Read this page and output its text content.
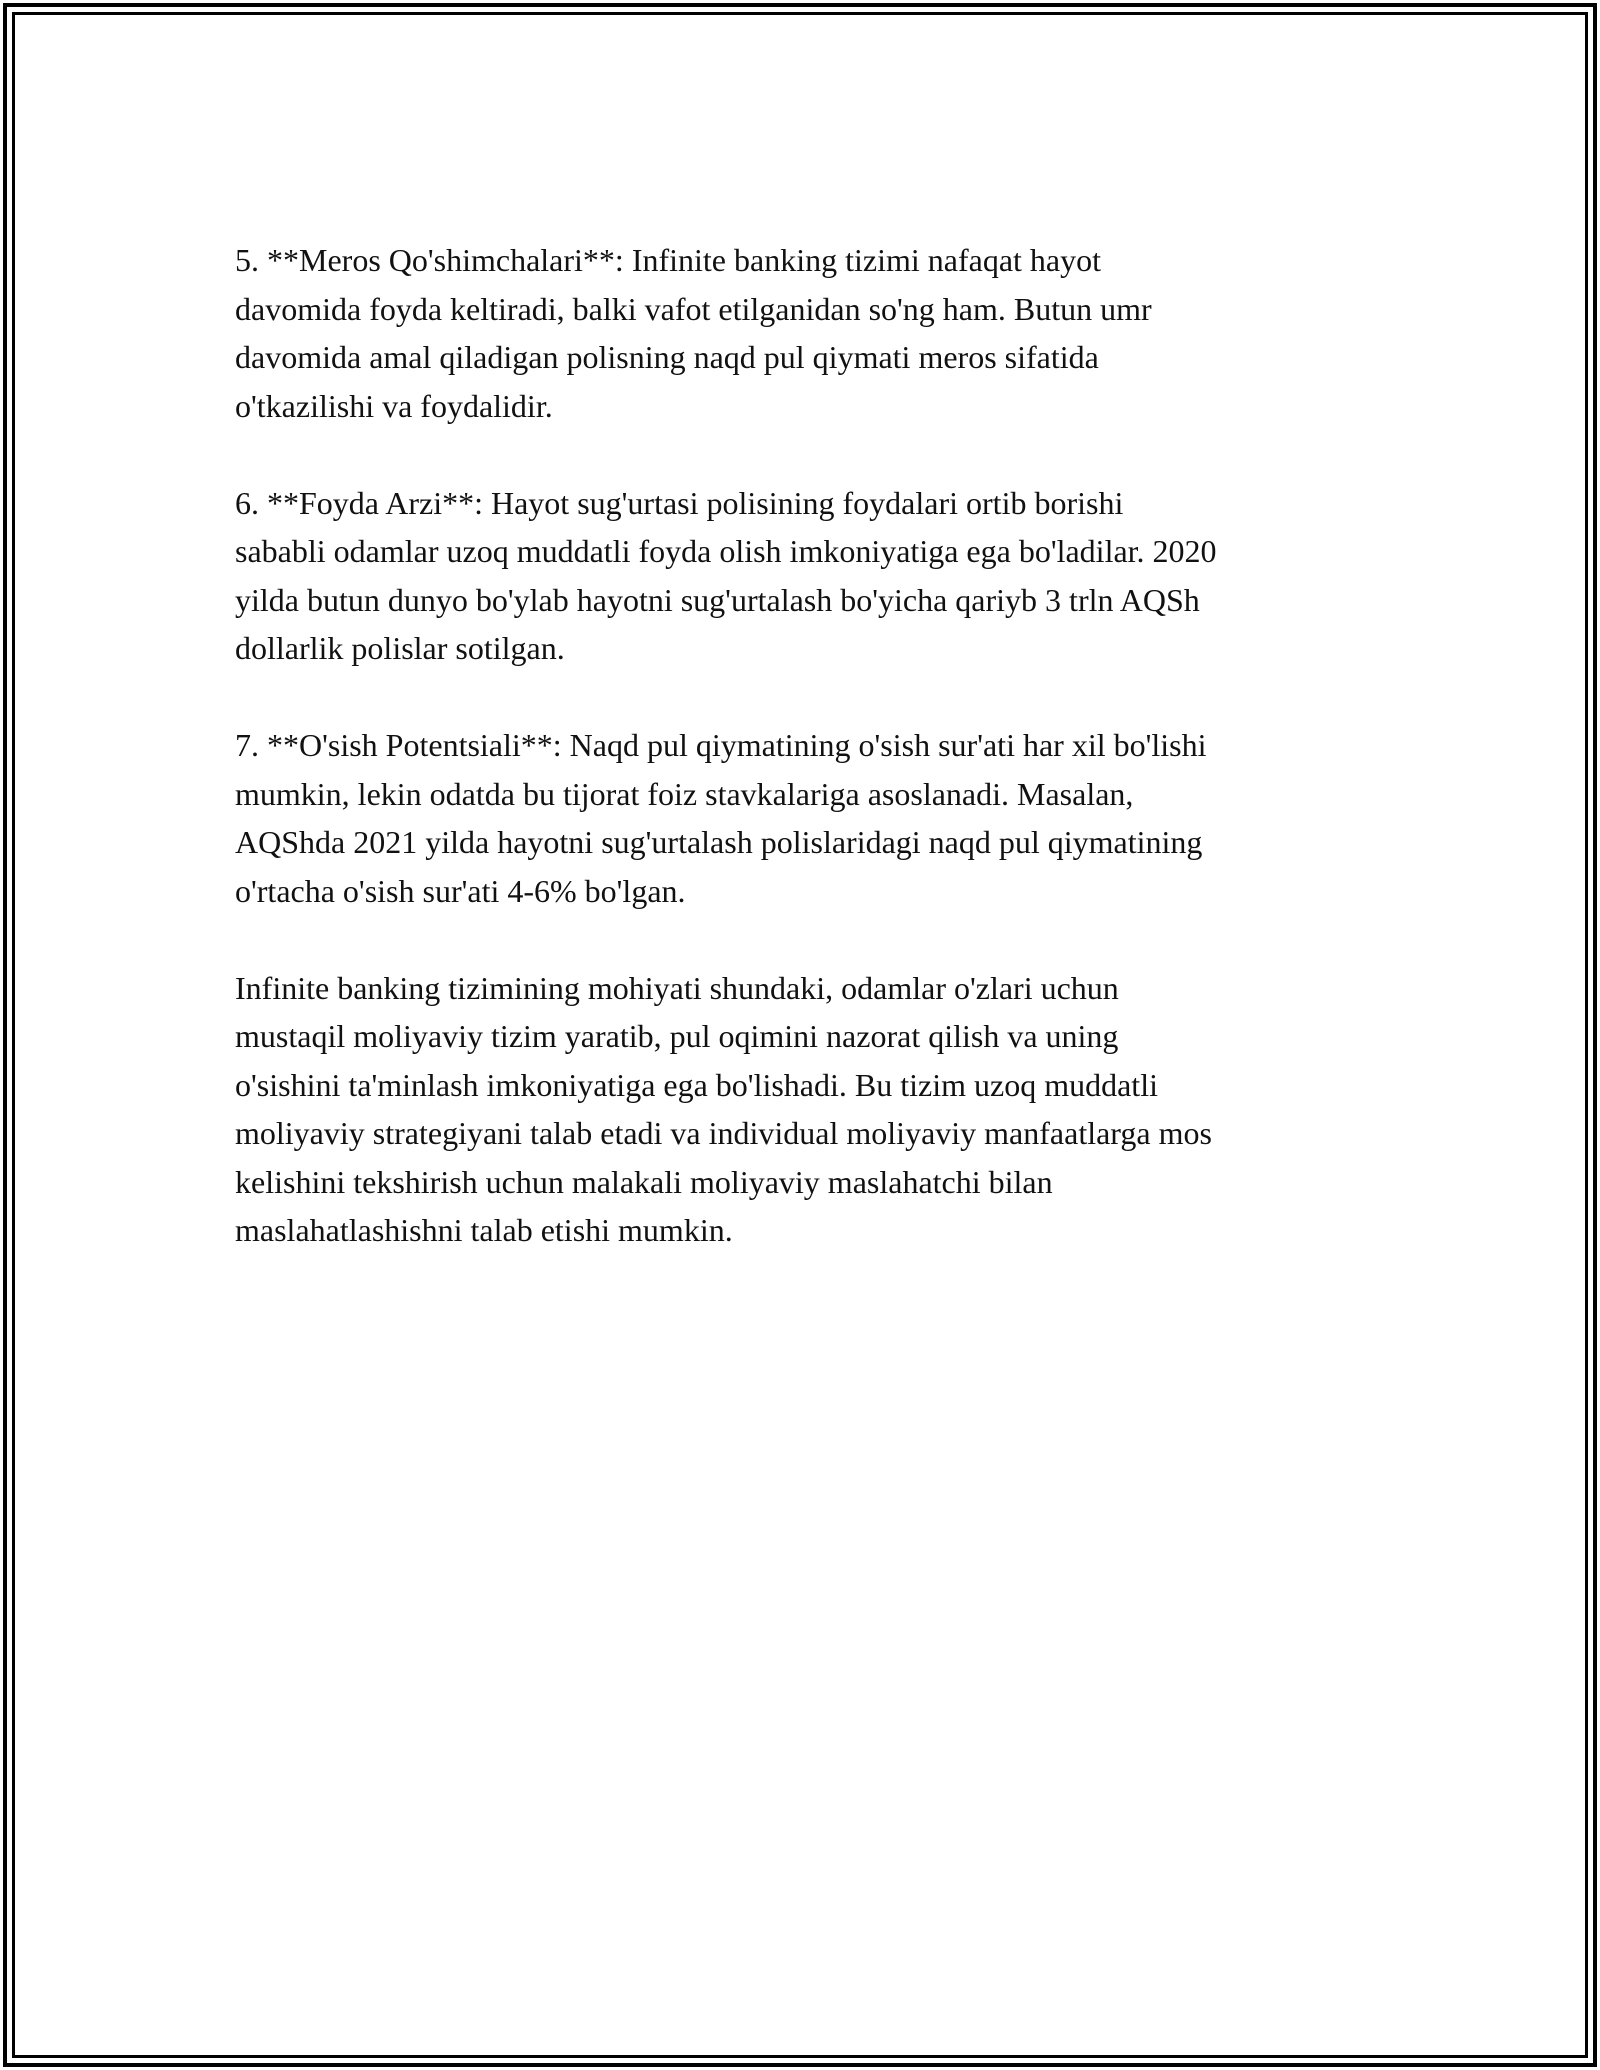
5. **Meros Qo'shimchalari**: Infinite banking tizimi nafaqat hayot
davomida foyda keltiradi, balki vafot etilganidan so'ng ham. Butun umr
davomida amal qiladigan polisning naqd pul qiymati meros sifatida
o'tkazilishi va foydalidir.

6. **Foyda Arzi**: Hayot sug'urtasi polisining foydalari ortib borishi
sababli odamlar uzoq muddatli foyda olish imkoniyatiga ega bo'ladilar. 2020
yilda butun dunyo bo'ylab hayotni sug'urtalash bo'yicha qariyb 3 trln AQSh
dollarlik polislar sotilgan.

7. **O'sish Potentsiali**: Naqd pul qiymatining o'sish sur'ati har xil bo'lishi
mumkin, lekin odatda bu tijorat foiz stavkalariga asoslanadi. Masalan,
AQShda 2021 yilda hayotni sug'urtalash polislaridagi naqd pul qiymatining
o'rtacha o'sish sur'ati 4-6% bo'lgan.

Infinite banking tizimining mohiyati shundaki, odamlar o'zlari uchun
mustaqil moliyaviy tizim yaratib, pul oqimini nazorat qilish va uning
o'sishini ta'minlash imkoniyatiga ega bo'lishadi. Bu tizim uzoq muddatli
moliyaviy strategiyani talab etadi va individual moliyaviy manfaatlarga mos
kelishini tekshirish uchun malakali moliyaviy maslahatchi bilan
maslahatlashishni talab etishi mumkin.
